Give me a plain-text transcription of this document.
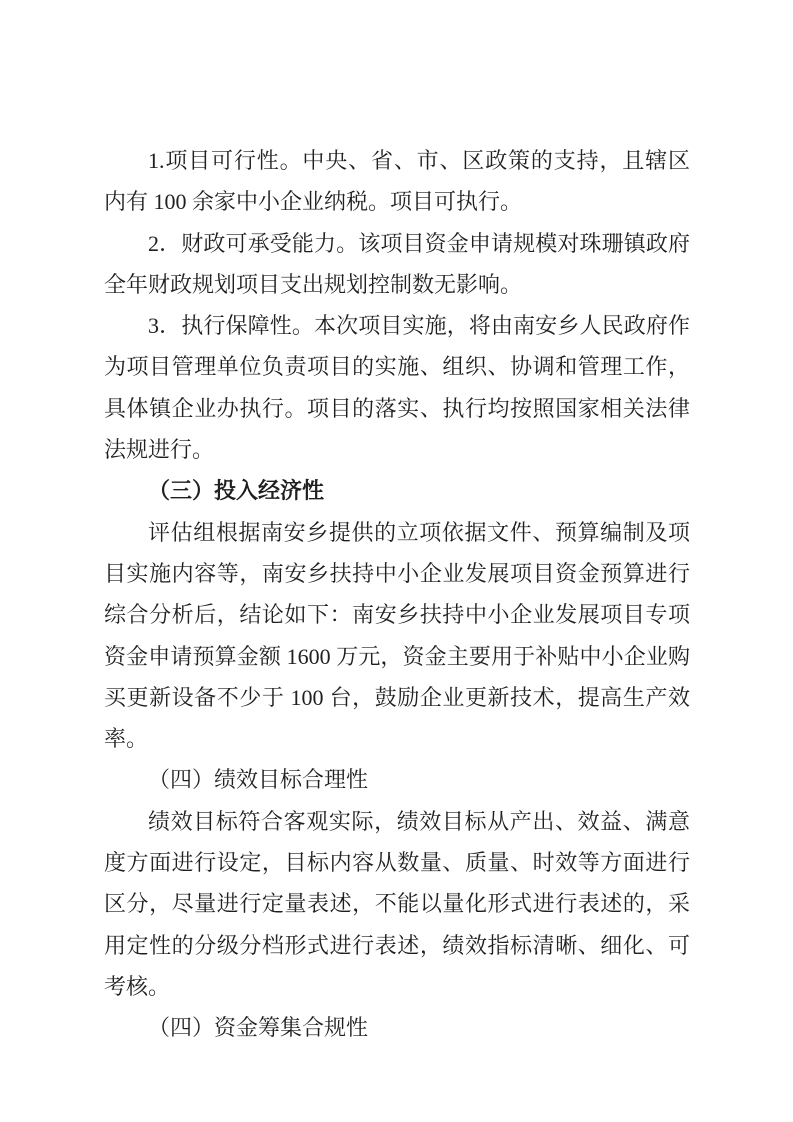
1.项目可行性。中央、省、市、区政策的支持，且辖区内有 100 余家中小企业纳税。项目可执行。

2．财政可承受能力。该项目资金申请规模对珠珊镇政府全年财政规划项目支出规划控制数无影响。

3．执行保障性。本次项目实施，将由南安乡人民政府作为项目管理单位负责项目的实施、组织、协调和管理工作，具体镇企业办执行。项目的落实、执行均按照国家相关法律法规进行。

（三）投入经济性

评估组根据南安乡提供的立项依据文件、预算编制及项目实施内容等，南安乡扶持中小企业发展项目资金预算进行综合分析后，结论如下：南安乡扶持中小企业发展项目专项资金申请预算金额 1600 万元，资金主要用于补贴中小企业购买更新设备不少于 100 台，鼓励企业更新技术，提高生产效率。

（四）绩效目标合理性

绩效目标符合客观实际，绩效目标从产出、效益、满意度方面进行设定，目标内容从数量、质量、时效等方面进行区分，尽量进行定量表述，不能以量化形式进行表述的，采用定性的分级分档形式进行表述，绩效指标清晰、细化、可考核。

（四）资金筹集合规性
